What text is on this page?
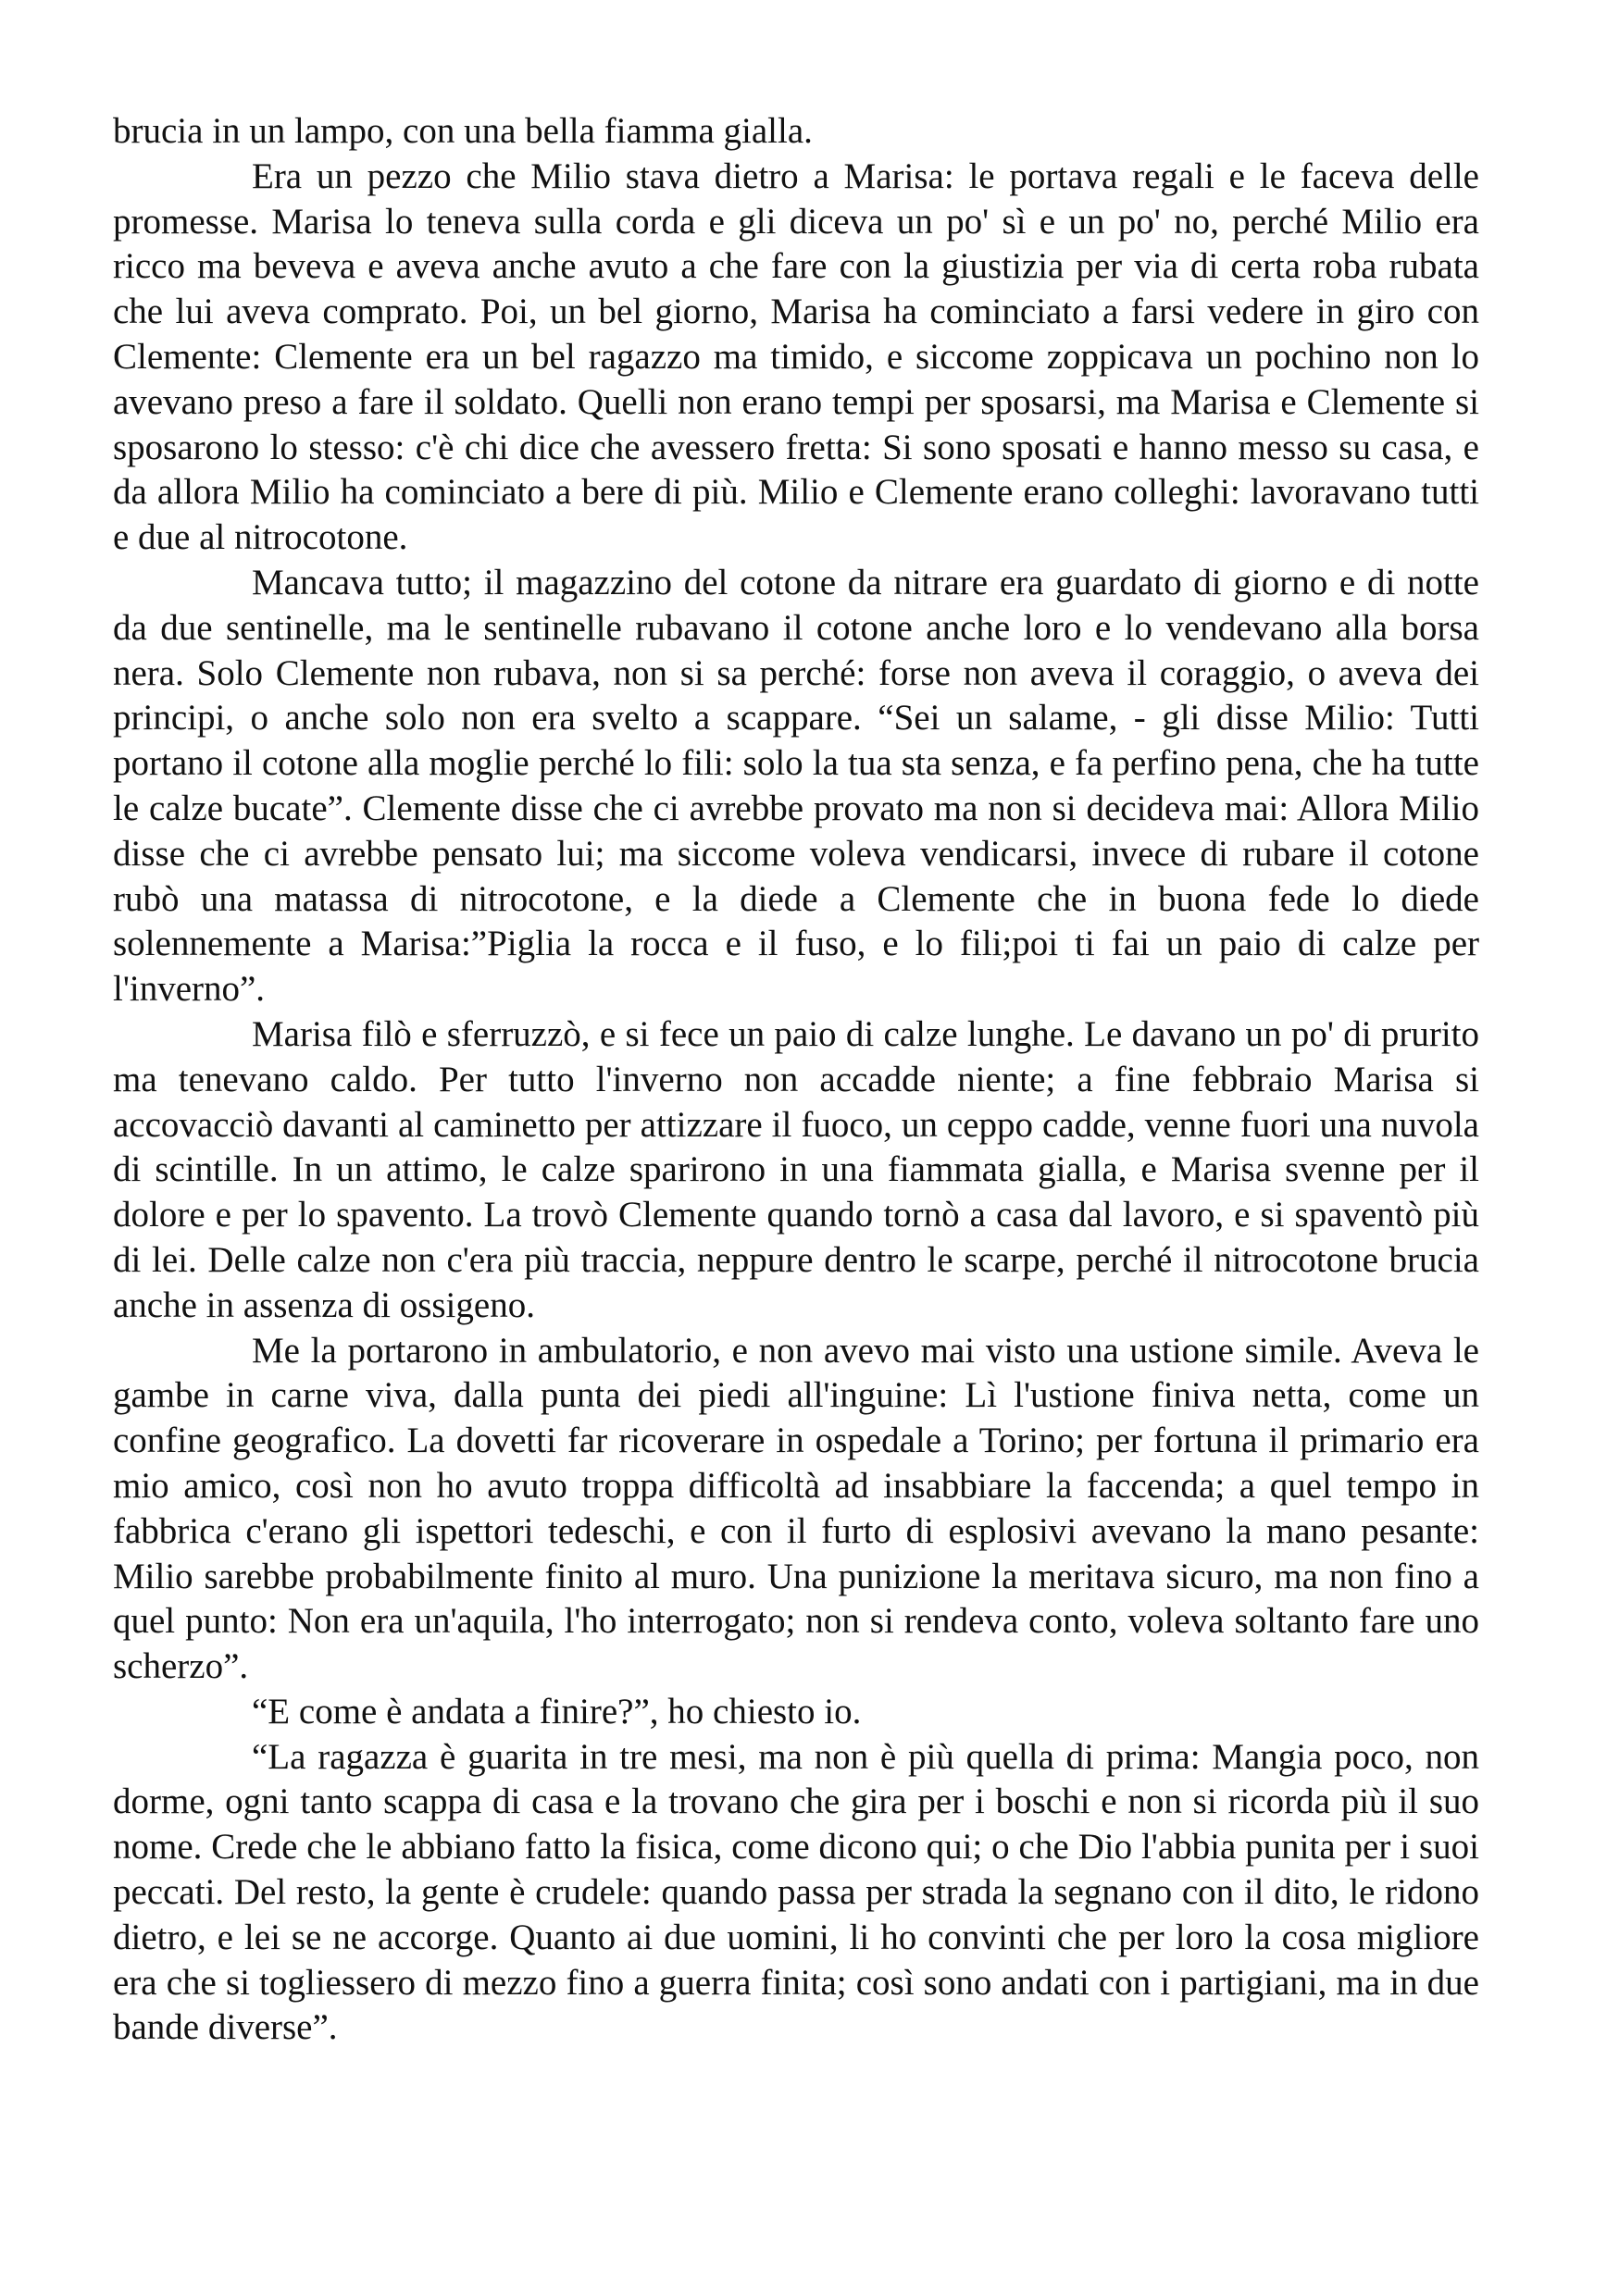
brucia in un lampo, con una bella fiamma gialla.

Era un pezzo che Milio stava dietro a Marisa: le portava regali e le faceva delle promesse. Marisa lo teneva sulla corda e gli diceva un po' sì e un po' no, perché Milio era ricco ma beveva e aveva anche avuto a che fare con la giustizia per via di certa roba rubata che lui aveva comprato. Poi, un bel giorno, Marisa ha cominciato a farsi vedere in giro con Clemente: Clemente era un bel ragazzo ma timido, e siccome zoppicava un pochino non lo avevano preso a fare il soldato. Quelli non erano tempi per sposarsi, ma Marisa e Clemente si sposarono lo stesso: c'è chi dice che avessero fretta: Si sono sposati e hanno messo su casa, e da allora Milio ha cominciato a bere di più. Milio e Clemente erano colleghi: lavoravano tutti e due al nitrocotone.

Mancava tutto; il magazzino del cotone da nitrare era guardato di giorno e di notte da due sentinelle, ma le sentinelle rubavano il cotone anche loro e lo vendevano alla borsa nera. Solo Clemente non rubava, non si sa perché: forse non aveva il coraggio, o aveva dei principi, o anche solo non era svelto a scappare. “Sei un salame, - gli disse Milio: Tutti portano il cotone alla moglie perché lo fili: solo la tua sta senza, e fa perfino pena, che ha tutte le calze bucate”. Clemente disse che ci avrebbe provato ma non si decideva mai: Allora Milio disse che ci avrebbe pensato lui; ma siccome voleva vendicarsi, invece di rubare il cotone rubò una matassa di nitrocotone, e la diede a Clemente che in buona fede lo diede solennemente a Marisa:”Piglia la rocca e il fuso, e lo fili;poi ti fai un paio di calze per l'inverno”.

Marisa filò e sferruzzò, e si fece un paio di calze lunghe. Le davano un po' di prurito ma tenevano caldo. Per tutto l'inverno non accadde niente; a fine febbraio Marisa si accovacciò davanti al caminetto per attizzare il fuoco, un ceppo cadde, venne fuori una nuvola di scintille. In un attimo, le calze sparirono in una fiammata gialla, e Marisa svenne per il dolore e per lo spavento. La trovò Clemente quando tornò a casa dal lavoro, e si spaventò più di lei. Delle calze non c'era più traccia, neppure dentro le scarpe, perché il nitrocotone brucia anche in assenza di ossigeno.

Me la portarono in ambulatorio, e non avevo mai visto una ustione simile. Aveva le gambe in carne viva, dalla punta dei piedi all'inguine: Lì l'ustione finiva netta, come un confine geografico. La dovetti far ricoverare in ospedale a Torino; per fortuna il primario era mio amico, così non ho avuto troppa difficoltà ad insabbiare la faccenda; a quel tempo in fabbrica c'erano gli ispettori tedeschi, e con il furto di esplosivi avevano la mano pesante: Milio sarebbe probabilmente finito al muro. Una punizione la meritava sicuro, ma non fino a quel punto: Non era un'aquila, l'ho interrogato; non si rendeva conto, voleva soltanto fare uno scherzo”.

“E come è andata a finire?”, ho chiesto io.

“La ragazza è guarita in tre mesi, ma non è più quella di prima: Mangia poco, non dorme, ogni tanto scappa di casa e la trovano che gira per i boschi e non si ricorda più il suo nome. Crede che le abbiano fatto la fisica, come dicono qui; o che Dio l'abbia punita per i suoi peccati. Del resto, la gente è crudele: quando passa per strada la segnano con il dito, le ridono dietro, e lei se ne accorge. Quanto ai due uomini, li ho convinti che per loro la cosa migliore era che si togliessero di mezzo fino a guerra finita; così sono andati con i partigiani, ma in due bande diverse”.
